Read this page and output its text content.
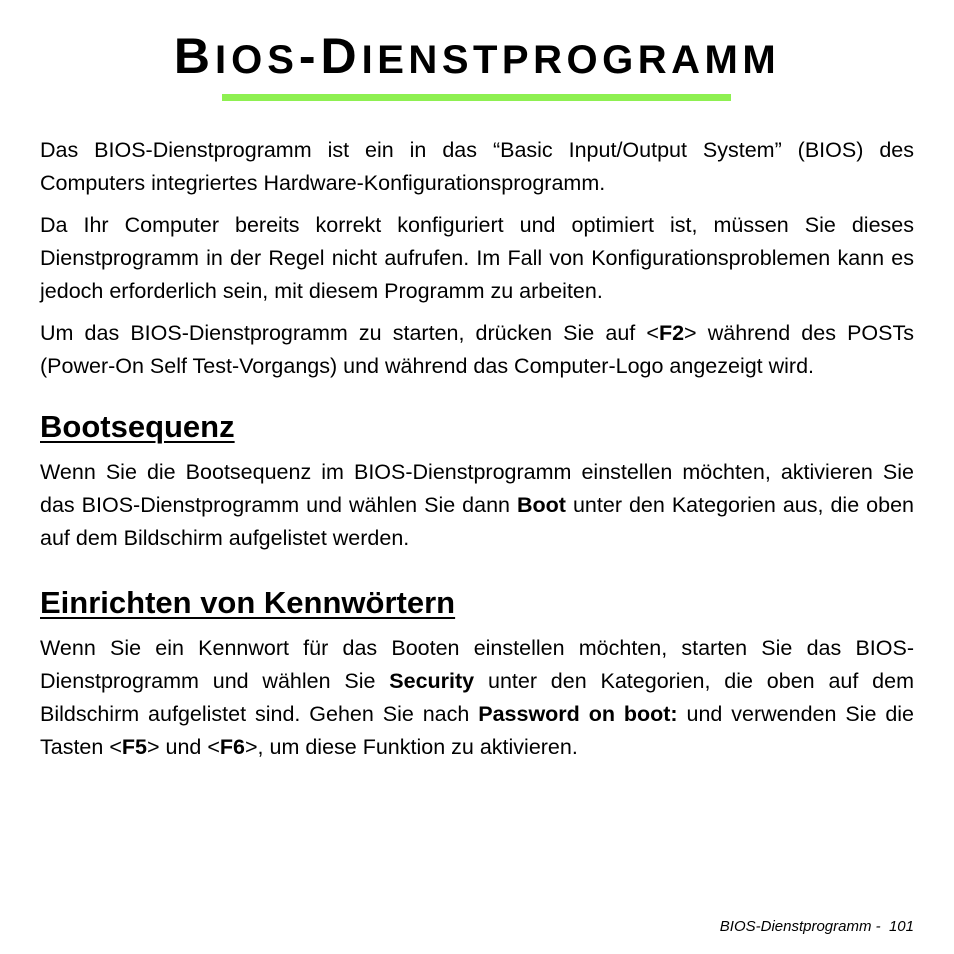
BIOS-DIENSTPROGRAMM

Das BIOS-Dienstprogramm ist ein in das “Basic Input/Output System” (BIOS) des Computers integriertes Hardware-Konfigurationsprogramm.

Da Ihr Computer bereits korrekt konfiguriert und optimiert ist, müssen Sie dieses Dienstprogramm in der Regel nicht aufrufen. Im Fall von Konfigurationsproblemen kann es jedoch erforderlich sein, mit diesem Programm zu arbeiten.

Um das BIOS-Dienstprogramm zu starten, drücken Sie auf <F2> während des POSTs (Power-On Self Test-Vorgangs) und während das Computer-Logo angezeigt wird.

Bootsequenz

Wenn Sie die Bootsequenz im BIOS-Dienstprogramm einstellen möchten, aktivieren Sie das BIOS-Dienstprogramm und wählen Sie dann Boot unter den Kategorien aus, die oben auf dem Bildschirm aufgelistet werden.

Einrichten von Kennwörtern

Wenn Sie ein Kennwort für das Booten einstellen möchten, starten Sie das BIOS-Dienstprogramm und wählen Sie Security unter den Kategorien, die oben auf dem Bildschirm aufgelistet sind. Gehen Sie nach Password on boot: und verwenden Sie die Tasten <F5> und <F6>, um diese Funktion zu aktivieren.

BIOS-Dienstprogramm -  101
